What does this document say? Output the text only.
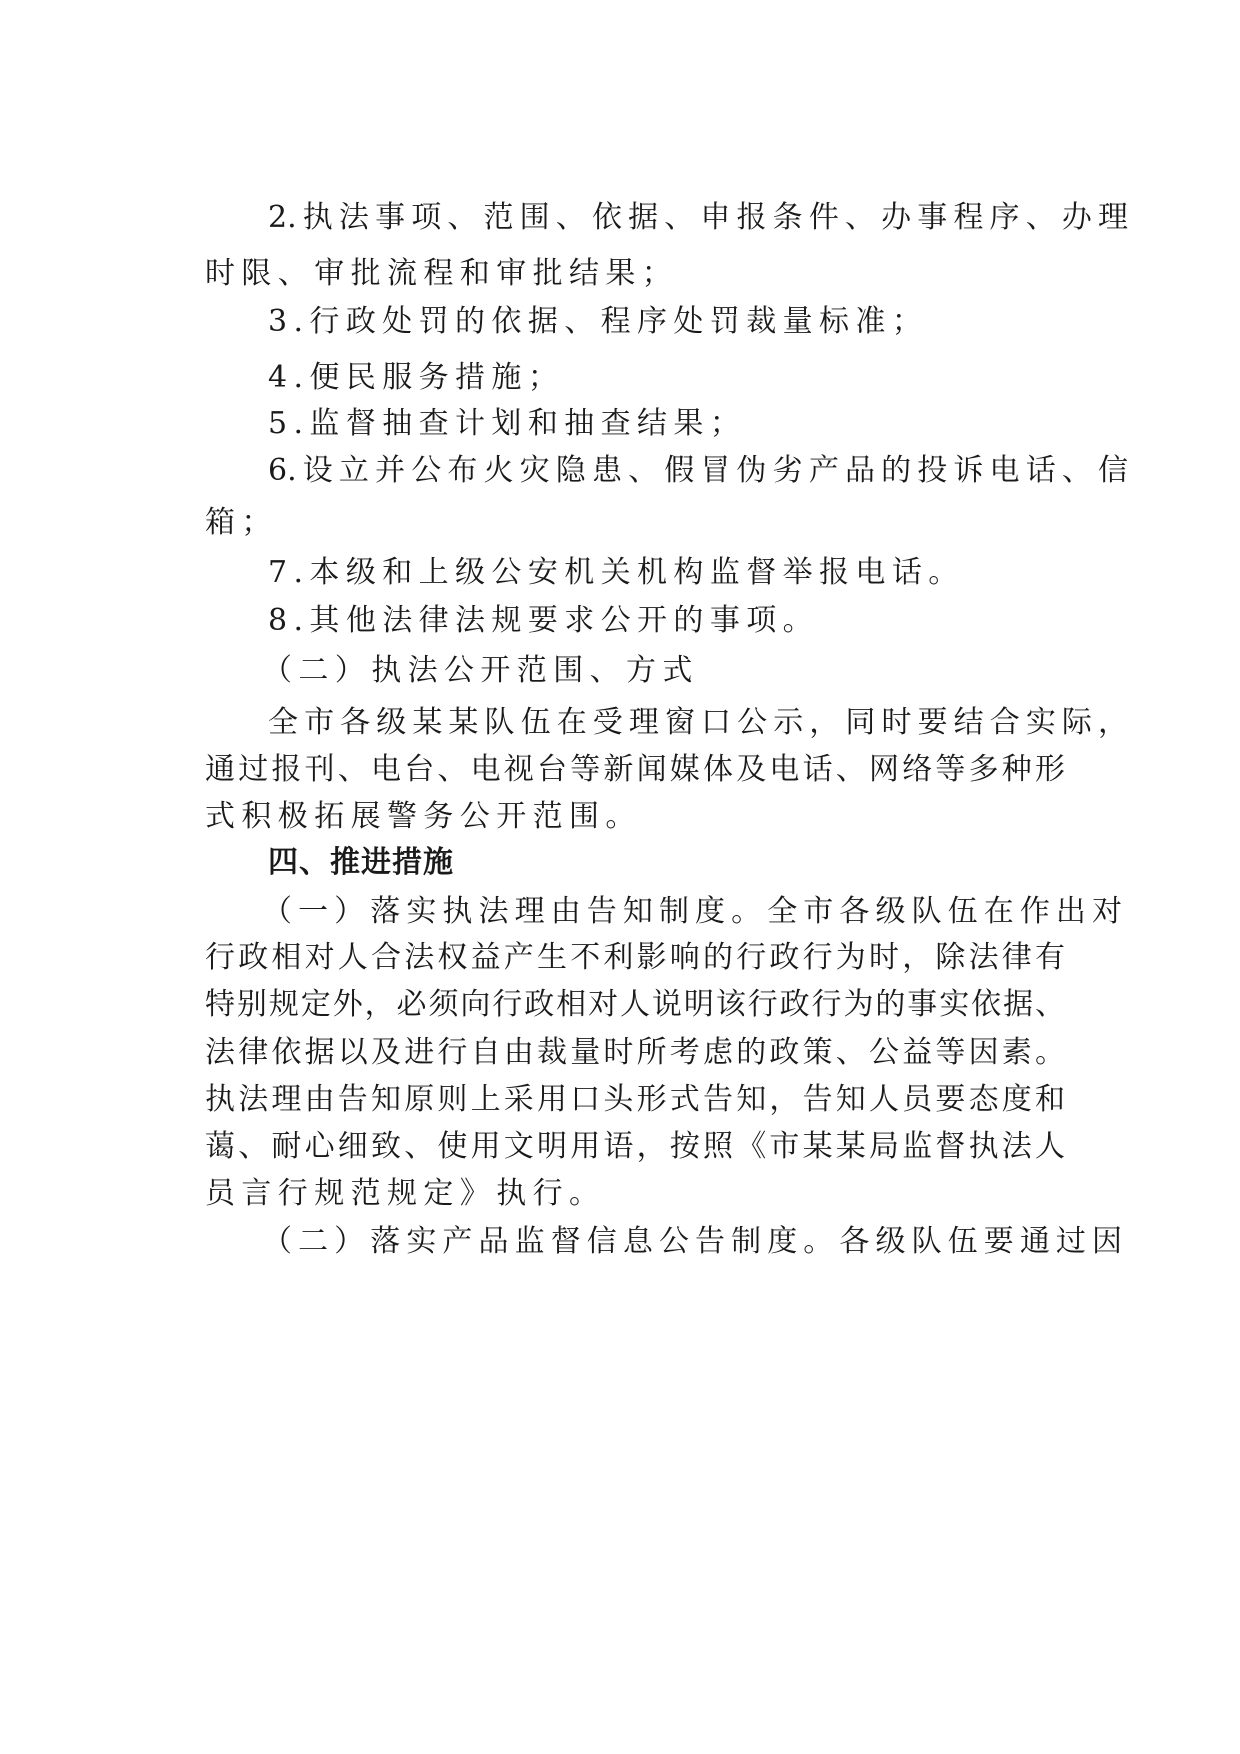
2.执法事项、范围、依据、申报条件、办事程序、办理
时限、审批流程和审批结果；
3.行政处罚的依据、程序处罚裁量标准；
4.便民服务措施；
5.监督抽查计划和抽查结果；
6.设立并公布火灾隐患、假冒伪劣产品的投诉电话、信
箱；
7.本级和上级公安机关机构监督举报电话。
8.其他法律法规要求公开的事项。
（二）执法公开范围、方式
全市各级某某队伍在受理窗口公示，同时要结合实际，
通过报刊、电台、电视台等新闻媒体及电话、网络等多种形
式积极拓展警务公开范围。
四、推进措施
（一）落实执法理由告知制度。全市各级队伍在作出对
行政相对人合法权益产生不利影响的行政行为时，除法律有
特别规定外，必须向行政相对人说明该行政行为的事实依据、
法律依据以及进行自由裁量时所考虑的政策、公益等因素。
执法理由告知原则上采用口头形式告知，告知人员要态度和
蔼、耐心细致、使用文明用语，按照《市某某局监督执法人
员言行规范规定》执行。
（二）落实产品监督信息公告制度。各级队伍要通过因
